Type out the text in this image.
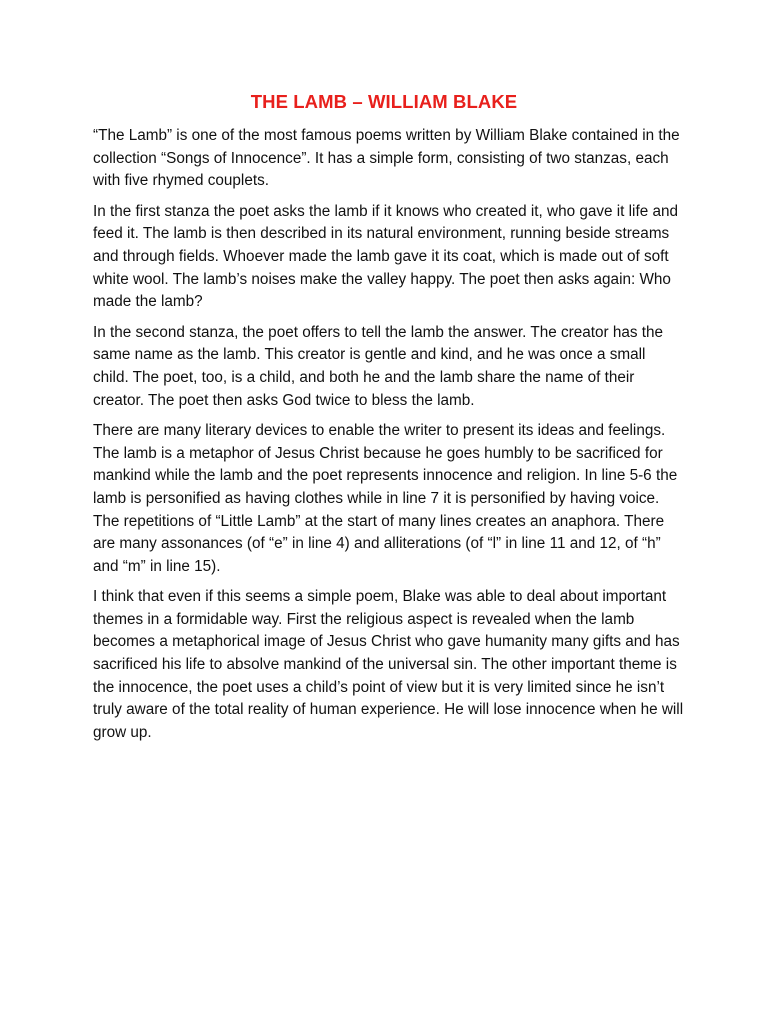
THE LAMB – WILLIAM BLAKE

“The Lamb” is one of the most famous poems written by William Blake contained in the collection “Songs of Innocence”. It has a simple form, consisting of two stanzas, each with five rhymed couplets.

In the first stanza the poet asks the lamb if it knows who created it, who gave it life and feed it. The lamb is then described in its natural environment, running beside streams and through fields. Whoever made the lamb gave it its coat, which is made out of soft white wool. The lamb’s noises make the valley happy. The poet then asks again: Who made the lamb?

In the second stanza, the poet offers to tell the lamb the answer. The creator has the same name as the lamb. This creator is gentle and kind, and he was once a small child. The poet, too, is a child, and both he and the lamb share the name of their creator. The poet then asks God twice to bless the lamb.

There are many literary devices to enable the writer to present its ideas and feelings. The lamb is a metaphor of Jesus Christ because he goes humbly to be sacrificed for mankind while the lamb and the poet represents innocence and religion. In line 5-6 the lamb is personified as having clothes while in line 7 it is personified by having voice. The repetitions of “Little Lamb” at the start of many lines creates an anaphora. There are many assonances (of “e” in line 4) and alliterations (of “l” in line 11 and 12, of “h” and “m” in line 15).

I think that even if this seems a simple poem, Blake was able to deal about important themes in a formidable way. First the religious aspect is revealed when the lamb becomes a metaphorical image of Jesus Christ who gave humanity many gifts and has sacrificed his life to absolve mankind of the universal sin. The other important theme is the innocence, the poet uses a child’s point of view but it is very limited since he isn’t truly aware of the total reality of human experience. He will lose innocence when he will grow up.
